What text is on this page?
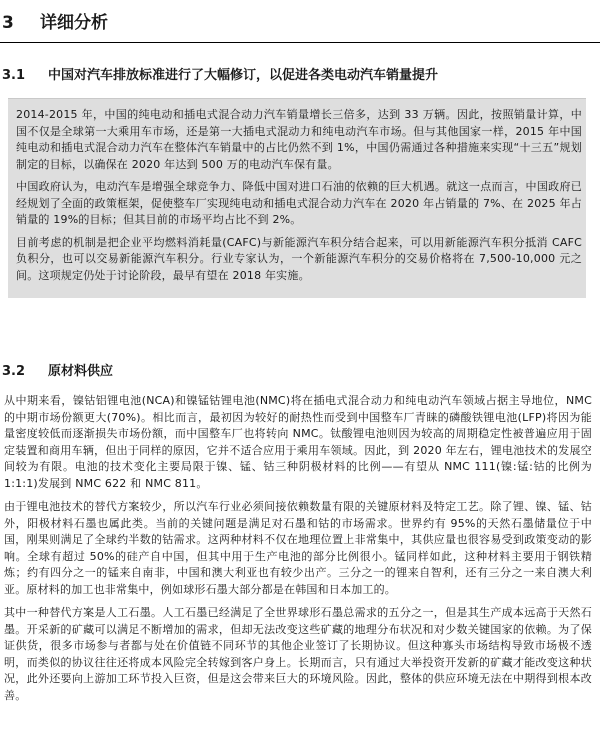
3 详细分析
3.1 中国对汽车排放标准进行了大幅修订，以促进各类电动汽车销量提升

2014-2015 年，中国的纯电动和插电式混合动力汽车销量增长三倍多，达到 33 万辆。因此，按照销量计算，中国不仅是全球第一大乘用车市场，还是第一大插电式混动力和纯电动汽车市场。但与其他国家一样，2015 年中国纯电动和插电式混合动力汽车在整体汽车销量中的占比仍然不到 1%，中国仍需通过各种措施来实现“十三五”规划制定的目标，以确保在 2020 年达到 500 万的电动汽车保有量。

中国政府认为，电动汽车是增强全球竞争力、降低中国对进口石油的依赖的巨大机遇。就这一点而言，中国政府已经规划了全面的政策框架，促使整车厂实现纯电动和插电式混合动力汽车在 2020 年占销量的 7%、在 2025 年占销量的 19%的目标；但其目前的市场平均占比不到 2%。

目前考虑的机制是把企业平均燃料消耗量(CAFC)与新能源汽车积分结合起来，可以用新能源汽车积分抵消 CAFC 负积分，也可以交易新能源汽车积分。行业专家认为，一个新能源汽车积分的交易价格将在 7,500-10,000 元之间。这项规定仍处于讨论阶段，最早有望在 2018 年实施。

3.2 原材料供应

从中期来看，镍钴铝锂电池(NCA)和镍锰钴锂电池(NMC)将在插电式混合动力和纯电动汽车领域占据主导地位，NMC 的中期市场份额更大(70%)。相比而言，最初因为较好的耐热性而受到中国整车厂青睐的磷酸铁锂电池(LFP)将因为能量密度较低而逐渐损失市场份额，而中国整车厂也将转向 NMC。钛酸锂电池则因为较高的周期稳定性被普遍应用于固定装置和商用车辆，但出于同样的原因，它并不适合应用于乘用车领域。因此，到 2020 年左右，锂电池技术的发展空间较为有限。电池的技术变化主要局限于镍、锰、钴三种阴极材料的比例——有望从 NMC 111(镍:锰:钴的比例为 1:1:1)发展到 NMC 622 和 NMC 811。

由于锂电池技术的替代方案较少，所以汽车行业必须间接依赖数量有限的关键原材料及特定工艺。除了锂、镍、锰、钴外，阳极材料石墨也属此类。当前的关键问题是满足对石墨和钴的市场需求。世界约有 95%的天然石墨储量位于中国，刚果则满足了全球约半数的钴需求。这两种材料不仅在地理位置上非常集中，其供应量也很容易受到政策变动的影响。全球有超过 50%的硅产自中国，但其中用于生产电池的部分比例很小。锰同样如此，这种材料主要用于钢铁精炼；约有四分之一的锰来自南非，中国和澳大利亚也有较少出产。三分之一的锂来自智利，还有三分之一来自澳大利亚。原材料的加工也非常集中，例如球形石墨大部分都是在韩国和日本加工的。

其中一种替代方案是人工石墨。人工石墨已经满足了全世界球形石墨总需求的五分之一，但是其生产成本远高于天然石墨。开采新的矿藏可以满足不断增加的需求，但却无法改变这些矿藏的地理分布状况和对少数关键国家的依赖。为了保证供货，很多市场参与者都与处在价值链不同环节的其他企业签订了长期协议。但这种寡头市场结构导致市场极不透明，而类似的协议往往还将成本风险完全转嫁到客户身上。长期而言，只有通过大举投资开发新的矿藏才能改变这种状况，此外还要向上游加工环节投入巨资，但是这会带来巨大的环境风险。因此，整体的供应环境无法在中期得到根本改善。
